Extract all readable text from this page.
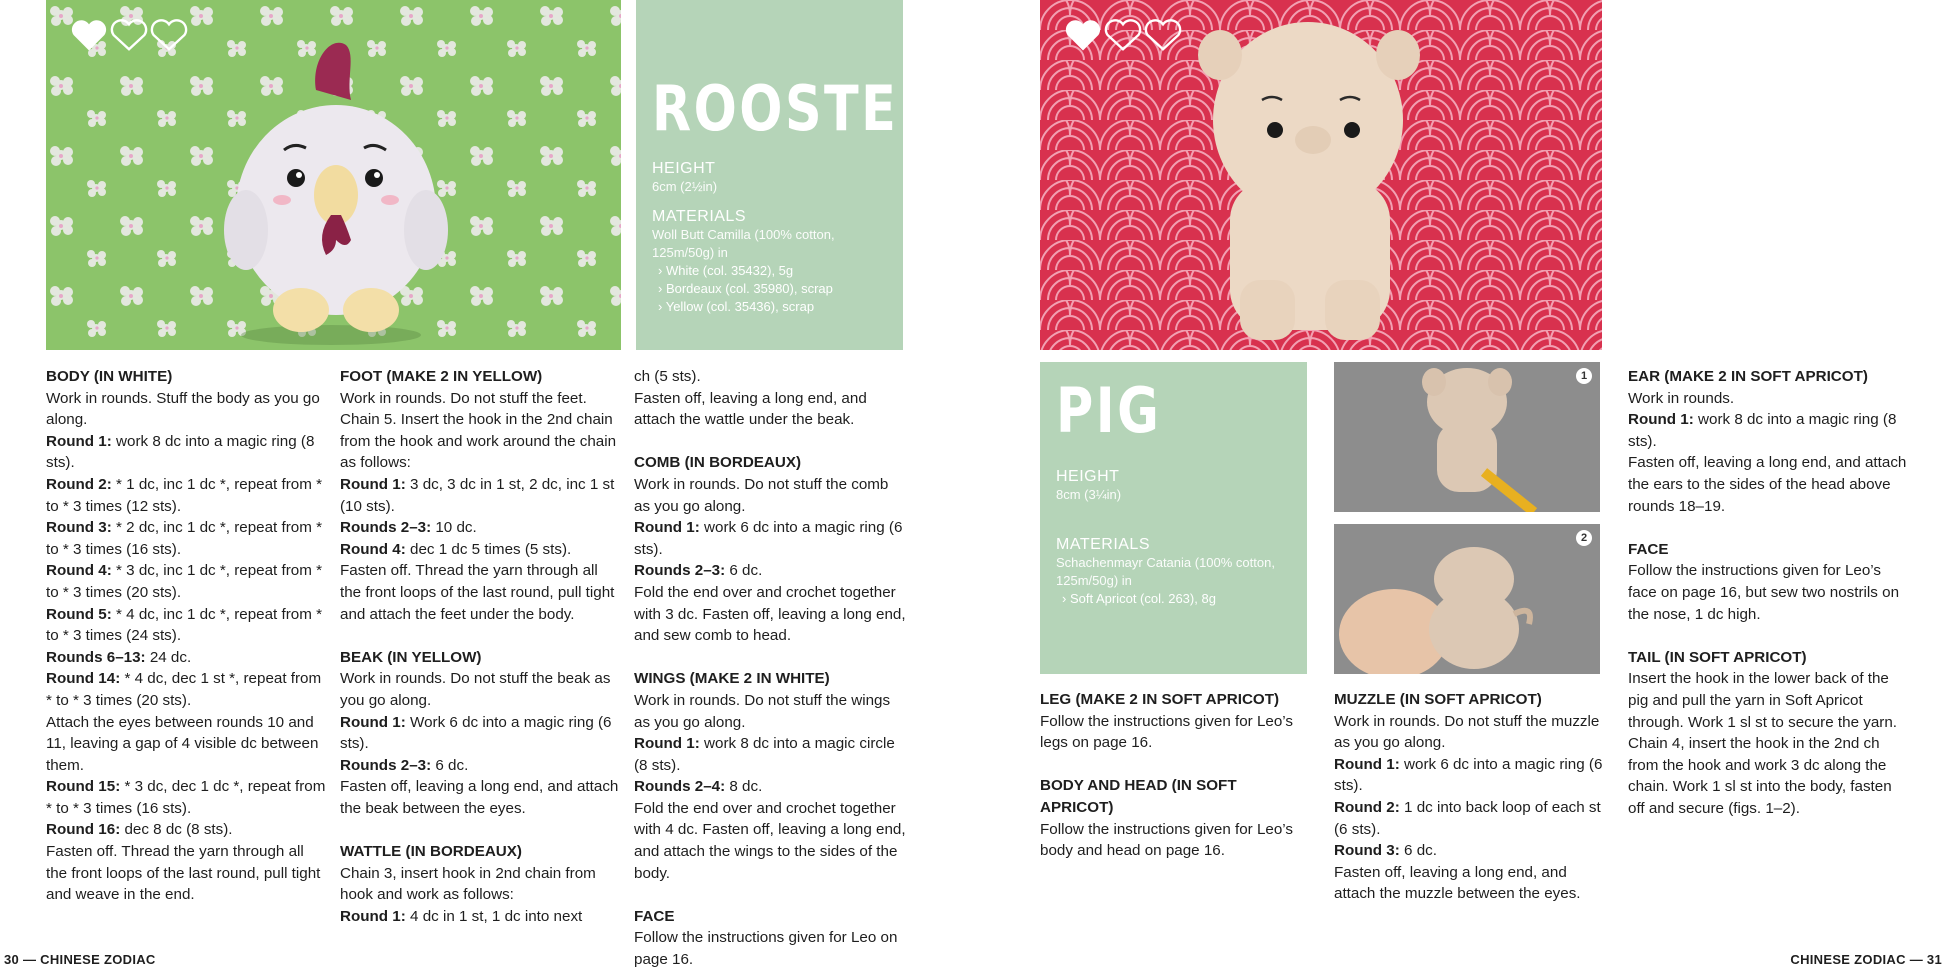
ROOSTER
HEIGHT
6cm (2½in)
MATERIALS
Woll Butt Camilla (100% cotton, 125m/50g) in
› White (col. 35432), 5g
› Bordeaux (col. 35980), scrap
› Yellow (col. 35436), scrap
PIG
HEIGHT
8cm (3¼in)
MATERIALS
Schachenmayr Catania (100% cotton, 125m/50g) in
› Soft Apricot (col. 263), 8g
1
2
BODY (IN WHITE)

Work in rounds. Stuff the body as you go along.

Round 1: work 8 dc into a magic ring (8 sts).

Round 2: * 1 dc, inc 1 dc *, repeat from * to * 3 times (12 sts).

Round 3: * 2 dc, inc 1 dc *, repeat from * to * 3 times (16 sts).

Round 4: * 3 dc, inc 1 dc *, repeat from * to * 3 times (20 sts).

Round 5: * 4 dc, inc 1 dc *, repeat from * to * 3 times (24 sts).

Rounds 6–13: 24 dc.

Round 14: * 4 dc, dec 1 st *, repeat from * to * 3 times (20 sts).

Attach the eyes between rounds 10 and 11, leaving a gap of 4 visible dc between them.

Round 15: * 3 dc, dec 1 dc *, repeat from * to * 3 times (16 sts).

Round 16: dec 8 dc (8 sts).

Fasten off. Thread the yarn through all the front loops of the last round, pull tight and weave in the end.

FOOT (MAKE 2 IN YELLOW)

Work in rounds. Do not stuff the feet. Chain 5. Insert the hook in the 2nd chain from the hook and work around the chain as follows:

Round 1: 3 dc, 3 dc in 1 st, 2 dc, inc 1 st (10 sts).

Rounds 2–3: 10 dc.

Round 4: dec 1 dc 5 times (5 sts).

Fasten off. Thread the yarn through all the front loops of the last round, pull tight and attach the feet under the body.

BEAK (IN YELLOW)

Work in rounds. Do not stuff the beak as you go along.

Round 1: Work 6 dc into a magic ring (6 sts).

Rounds 2–3: 6 dc.

Fasten off, leaving a long end, and attach the beak between the eyes.

WATTLE (IN BORDEAUX)

Chain 3, insert hook in 2nd chain from hook and work as follows:

Round 1: 4 dc in 1 st, 1 dc into next

ch (5 sts).

Fasten off, leaving a long end, and attach the wattle under the beak.

COMB (IN BORDEAUX)

Work in rounds. Do not stuff the comb as you go along.

Round 1: work 6 dc into a magic ring (6 sts).

Rounds 2–3: 6 dc.

Fold the end over and crochet together with 3 dc. Fasten off, leaving a long end, and sew comb to head.

WINGS (MAKE 2 IN WHITE)

Work in rounds. Do not stuff the wings as you go along.

Round 1: work 8 dc into a magic circle (8 sts).

Rounds 2–4: 8 dc.

Fold the end over and crochet together with 4 dc. Fasten off, leaving a long end, and attach the wings to the sides of the body.

FACE

Follow the instructions given for Leo on page 16.

LEG (MAKE 2 IN SOFT APRICOT)

Follow the instructions given for Leo’s legs on page 16.

BODY AND HEAD (IN SOFT APRICOT)

Follow the instructions given for Leo’s body and head on page 16.

MUZZLE (IN SOFT APRICOT)

Work in rounds. Do not stuff the muzzle as you go along.

Round 1: work 6 dc into a magic ring (6 sts).

Round 2: 1 dc into back loop of each st (6 sts).

Round 3: 6 dc.

Fasten off, leaving a long end, and attach the muzzle between the eyes.

EAR (MAKE 2 IN SOFT APRICOT)

Work in rounds.

Round 1: work 8 dc into a magic ring (8 sts).

Fasten off, leaving a long end, and attach the ears to the sides of the head above rounds 18–19.

FACE

Follow the instructions given for Leo’s face on page 16, but sew two nostrils on the nose, 1 dc high.

TAIL (IN SOFT APRICOT)

Insert the hook in the lower back of the pig and pull the yarn in Soft Apricot through. Work 1 sl st to secure the yarn. Chain 4, insert the hook in the 2nd ch from the hook and work 3 dc along the chain. Work 1 sl st into the body, fasten off and secure (figs. 1–2).

30 — CHINESE ZODIAC	CHINESE ZODIAC — 31
